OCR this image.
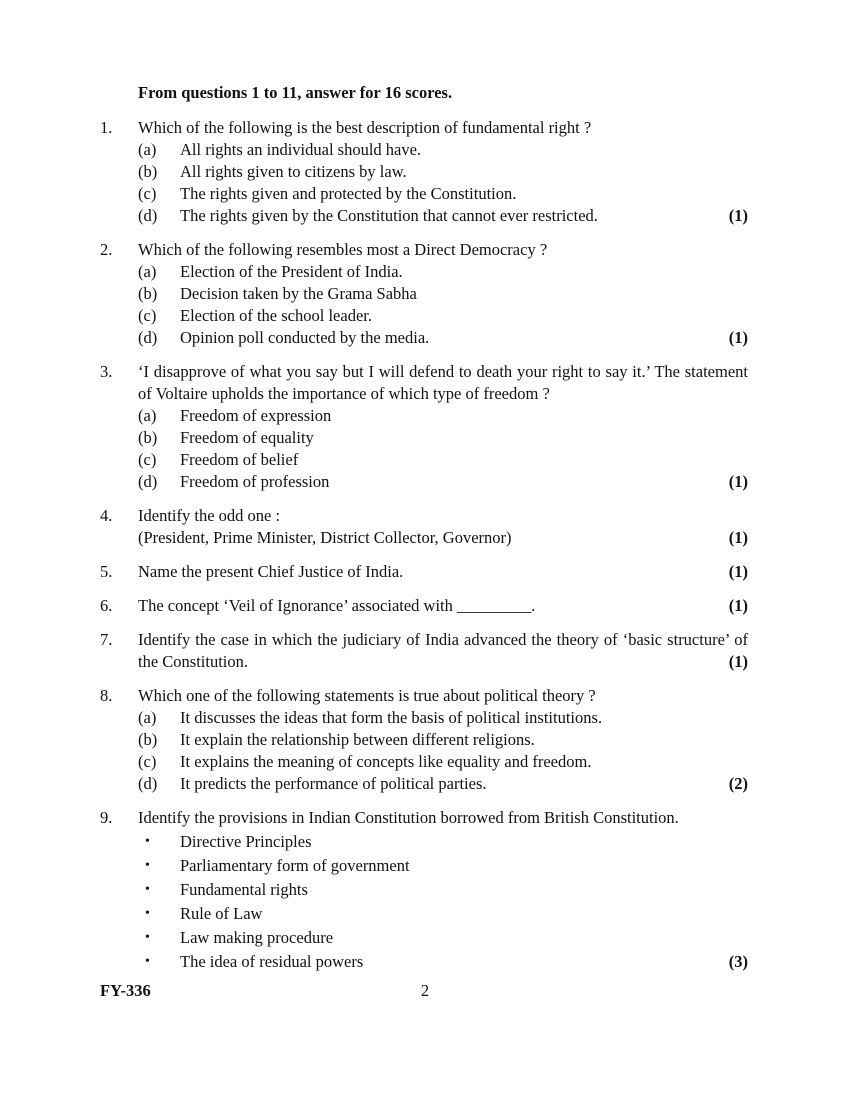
From questions 1 to 11, answer for 16 scores.
1.	Which of the following is the best description of fundamental right ?
(a)	All rights an individual should have.
(b)	All rights given to citizens by law.
(c)	The rights given and protected by the Constitution.
(d)	The rights given by the Constitution that cannot ever restricted.	(1)
2.	Which of the following resembles most a Direct Democracy ?
(a)	Election of the President of India.
(b)	Decision taken by the Grama Sabha
(c)	Election of the school leader.
(d)	Opinion poll conducted by the media.	(1)
3.	‘I disapprove of what you say but I will defend to death your right to say it.’ The statement of Voltaire upholds the importance of which type of freedom ?
(a)	Freedom of expression
(b)	Freedom of equality
(c)	Freedom of belief
(d)	Freedom of profession	(1)
4.	Identify the odd one :
(President, Prime Minister, District Collector, Governor)	(1)
5.	Name the present Chief Justice of India.	(1)
6.	The concept ‘Veil of Ignorance’ associated with _________.	(1)
7.	Identify the case in which the judiciary of India advanced the theory of ‘basic structure’ of the Constitution.	(1)
8.	Which one of the following statements is true about political theory ?
(a)	It discusses the ideas that form the basis of political institutions.
(b)	It explain the relationship between different religions.
(c)	It explains the meaning of concepts like equality and freedom.
(d)	It predicts the performance of political parties.	(2)
9.	Identify the provisions in Indian Constitution borrowed from British Constitution.
•	Directive Principles
•	Parliamentary form of government
•	Fundamental rights
•	Rule of Law
•	Law making procedure
•	The idea of residual powers	(3)
FY-336	2
